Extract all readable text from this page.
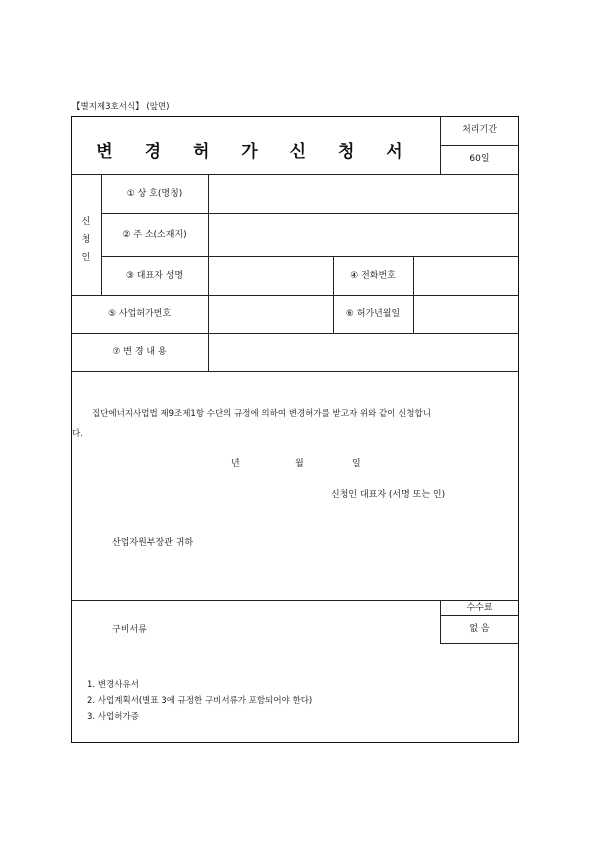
【별지제3호서식】 (앞면)
변 경 허 가 신 청 서
처리기간
60일
신
청
인
① 상 호(명칭)
② 주 소(소재지)
③ 대표자 성명	④ 전화번호
⑤ 사업허가번호	⑥ 허가년월일
⑦ 변 경 내 용
집단에너지사업법 제9조제1항 수단의 규정에 의하여 변경허가를 받고자 위와 같이 신청합니
다.
년	월	일
신청인 대표자 (서명 또는 인)
산업자원부장관 귀하
구비서류
수수료
없 음
1. 변경사유서
2. 사업계획서(별표 3에 규정한 구비서류가 포함되어야 한다)
3. 사업허가증
